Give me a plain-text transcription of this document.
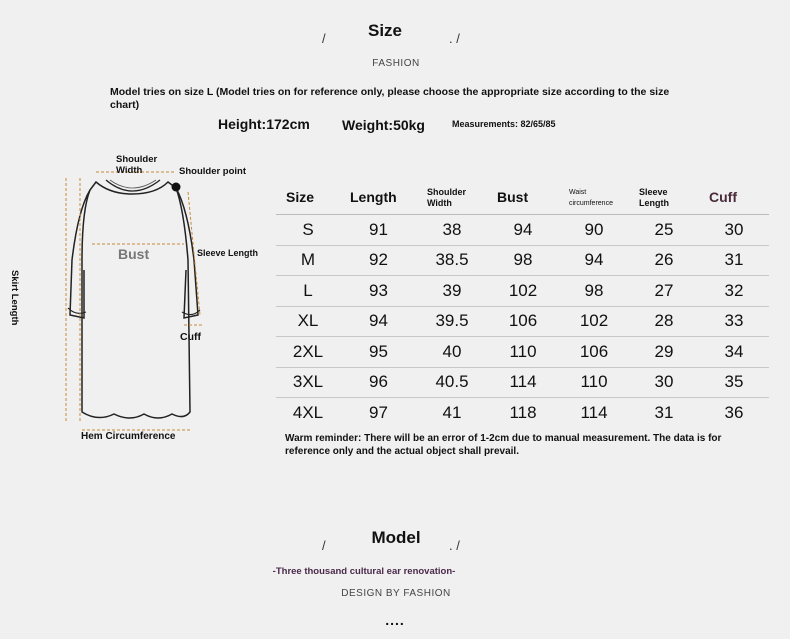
Size
/	. /
FASHION
Model tries on size L (Model tries on for reference only, please choose the appropriate size according to the size chart)
Height:172cm Weight:50kg	Measurements: 82/65/85
Shoulder Width	Shoulder point
Bust	Sleeve Length
Skirt Length
Cuff
Hem Circumference
Size	Length	Shoulder Width	Bust	Waist circumference	Sleeve Length	Cuff
S	91	38	94	90	25	30
M	92	38.5	98	94	26	31
L	93	39	102	98	27	32
XL	94	39.5	106	102	28	33
2XL	95	40	110	106	29	34
3XL	96	40.5	114	110	30	35
4XL	97	41	118	114	31	36
Warm reminder: There will be an error of 1-2cm due to manual measurement. The data is for reference only and the actual object shall prevail.
Model
/	. /
-Three thousand cultural ear renovation-
DESIGN BY FASHION
....
